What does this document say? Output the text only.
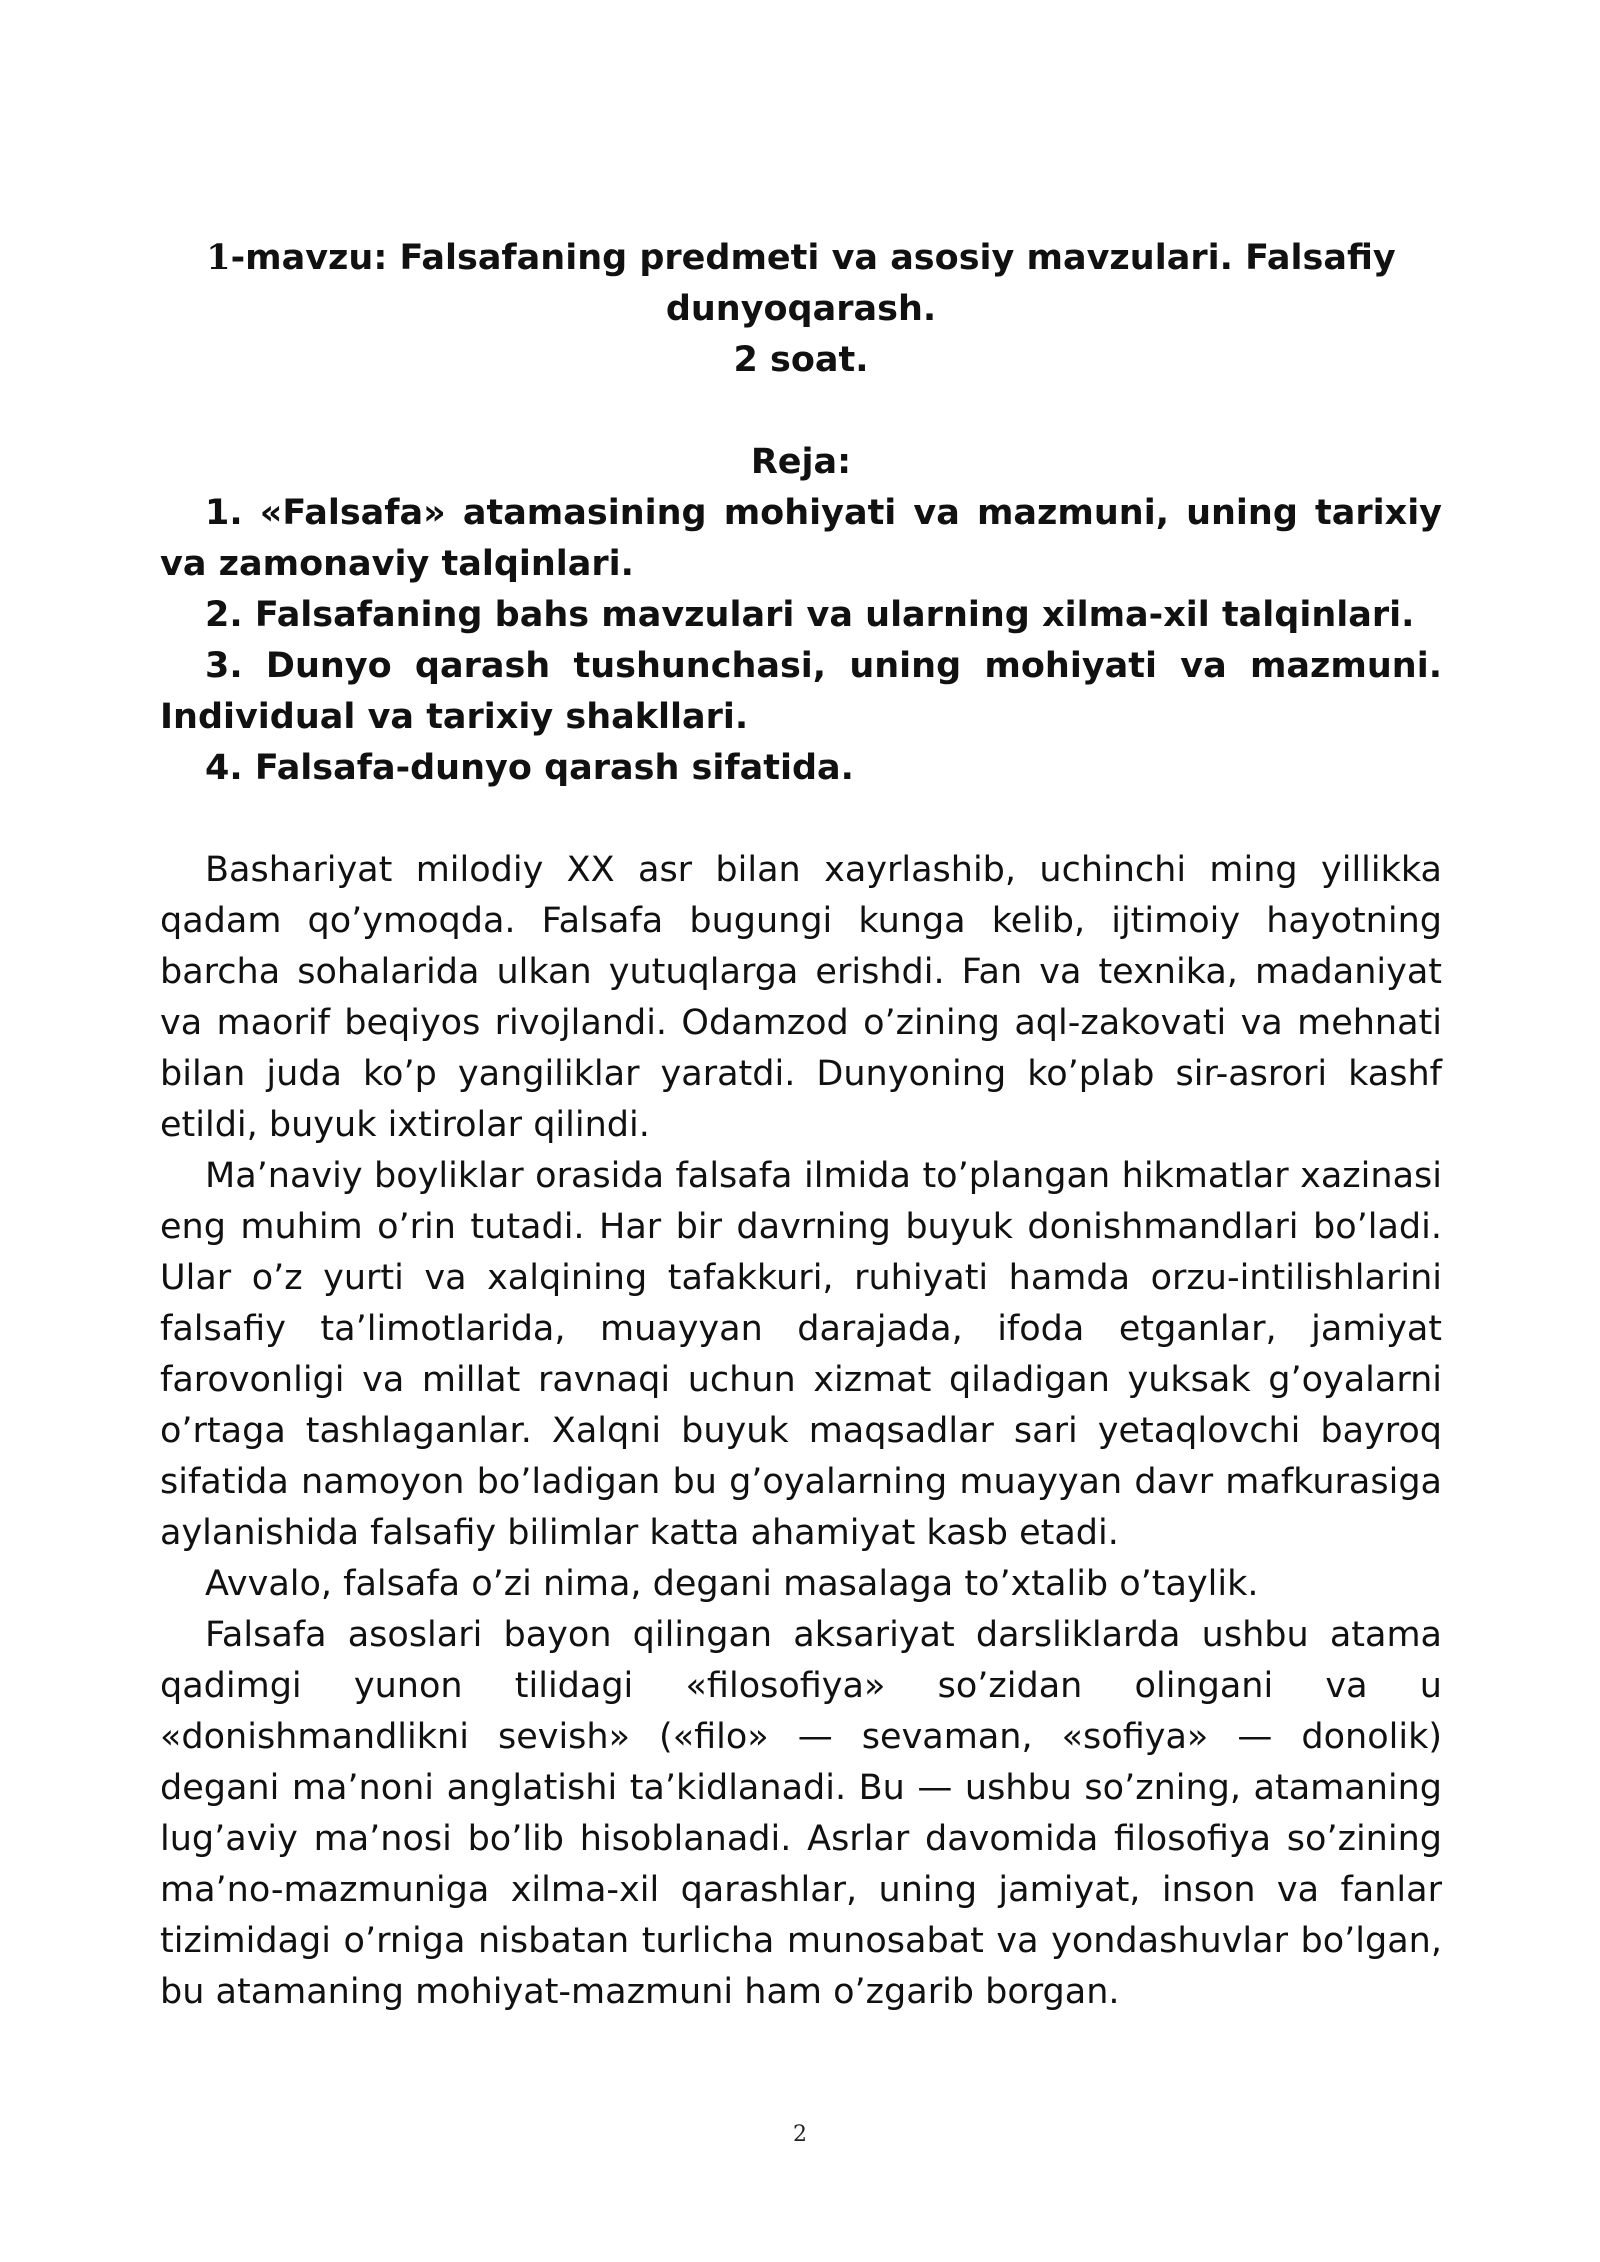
1-mavzu: Falsafaning predmeti va asosiy mavzulari. Falsafiy
dunyoqarash.
2 soat.
Reja:
1. «Falsafa» atamasining mohiyati va mazmuni, uning tarixiy va zamonaviy talqinlari.
2. Falsafaning bahs mavzulari va ularning xilma-xil talqinlari.
3. Dunyo qarash tushunchasi, uning mohiyati va mazmuni. Individual va tarixiy shakllari.
4. Falsafa-dunyo qarash sifatida.

Bashariyat milodiy XX asr bilan xayrlashib, uchinchi ming yillikka qadam qo’ymoqda. Falsafa bugungi kunga kelib, ijtimoiy hayotning barcha sohalarida ulkan yutuqlarga erishdi. Fan va texnika, madaniyat va maorif beqiyos rivojlandi. Odamzod o’zining aql-zakovati va mehnati bilan juda ko’p yangiliklar yaratdi. Dunyoning ko’plab sir-asrori kashf etildi, buyuk ixtirolar qilindi.

Ma’naviy boyliklar orasida falsafa ilmida to’plangan hikmatlar xazinasi eng muhim o’rin tutadi. Har bir davrning buyuk donishmandlari bo’ladi. Ular o’z yurti va xalqining tafakkuri, ruhiyati hamda orzu-intilishlarini falsafiy ta’limotlarida, muayyan darajada, ifoda etganlar, jamiyat farovonligi va millat ravnaqi uchun xizmat qiladigan yuksak g’oyalarni o’rtaga tashlaganlar. Xalqni buyuk maqsadlar sari yetaqlovchi bayroq sifatida namoyon bo’ladigan bu g’oyalarning muayyan davr mafkurasiga aylanishida falsafiy bilimlar katta ahamiyat kasb etadi.

Avvalo, falsafa o’zi nima, degani masalaga to’xtalib o’taylik.

Falsafa asoslari bayon qilingan aksariyat darsliklarda ushbu atama qadimgi yunon tilidagi «filosofiya» so’zidan olingani va u «donishmandlikni sevish» («filo» — sevaman, «sofiya» — donolik) degani ma’noni anglatishi ta’kidlanadi. Bu — ushbu so’zning, atamaning lug’aviy ma’nosi bo’lib hisoblanadi. Asrlar davomida filosofiya so’zining ma’no-mazmuniga xilma-xil qarashlar, uning jamiyat, inson va fanlar tizimidagi o’rniga nisbatan turlicha munosabat va yondashuvlar bo’lgan, bu atamaning mohiyat-mazmuni ham o’zgarib borgan.

2
